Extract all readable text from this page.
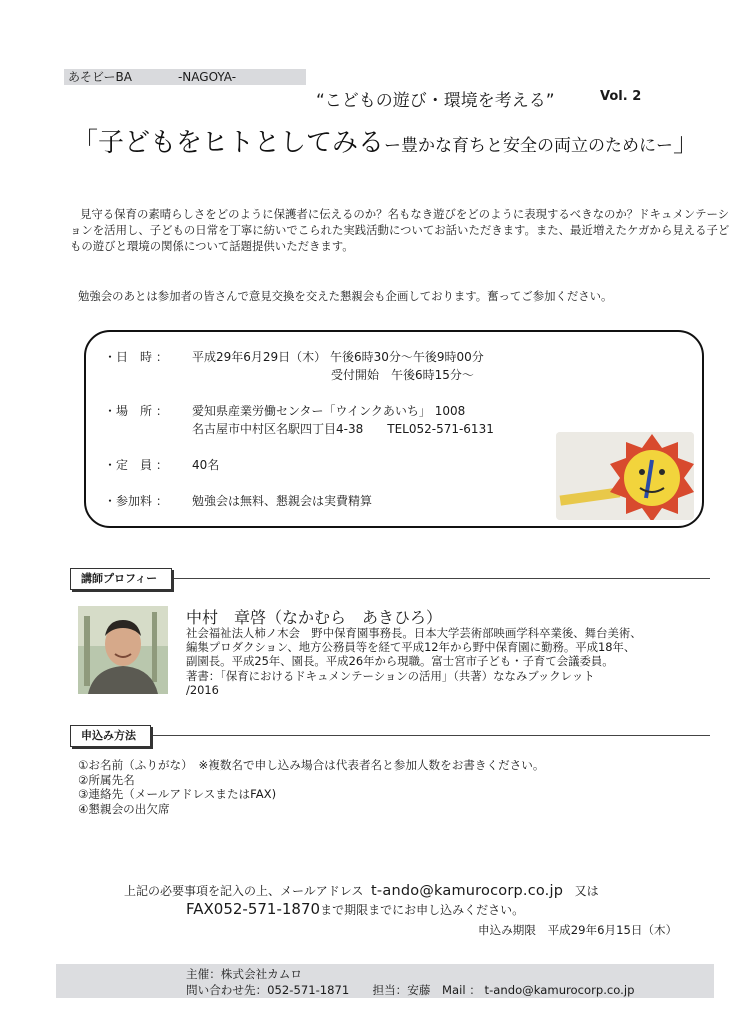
あそビーBA	-NAGOYA-
“こどもの遊び・環境を考える”	Vol. 2
「子どもをヒトとしてみるー豊かな育ちと安全の両立のためにー」
見守る保育の素晴らしさをどのように保護者に伝えるのか？名もなき遊びをどのように表現するべきなのか？ドキュメンテーションを活用し、子どもの日常を丁寧に紡いでこられた実践活動についてお話いただきます。また、最近増えたケガから見える子どもの遊びと環境の関係について話題提供いただきます。
勉強会のあとは参加者の皆さんで意見交換を交えた懇親会も企画しております。奮ってご参加ください。
・日　時 ： 平成29年6月29日（木） 午後6時30分～午後9時00分
受付開始　午後6時15分～
・場　所 ： 愛知県産業労働センター「ウインクあいち」 1008
名古屋市中村区名駅四丁目4-38　　TEL052-571-6131
・定　員 ： 40名
・参加料 ： 勉強会は無料、懇親会は実費精算
講師プロフィー
中村　章啓（なかむら　あきひろ）
社会福祉法人柿ノ木会　野中保育園事務長。日本大学芸術部映画学科卒業後、舞台美術、
編集プロダクション、地方公務員等を経て平成12年から野中保育園に勤務。平成18年、
副園長。平成25年、園長。平成26年から現職。富士宮市子ども・子育て会議委員。
著書：「保育におけるドキュメンテーションの活用」（共著）ななみブックレット
/2016
申込み方法
①お名前（ふりがな）　※複数名で申し込み場合は代表者名と参加人数をお書きください。
②所属先名
③連絡先（メールアドレスまたはFAX)
④懇親会の出欠席
上記の必要事項を記入の上、メールアドレス t-ando@kamurocorp.co.jp 又は
FAX052-571-1870まで期限までにお申し込みください。
申込み期限　平成29年6月15日（木）
主催：株式会社カムロ
問い合わせ先：052-571-1871　　担当：安藤　Mail ： t-ando@kamurocorp.co.jp
